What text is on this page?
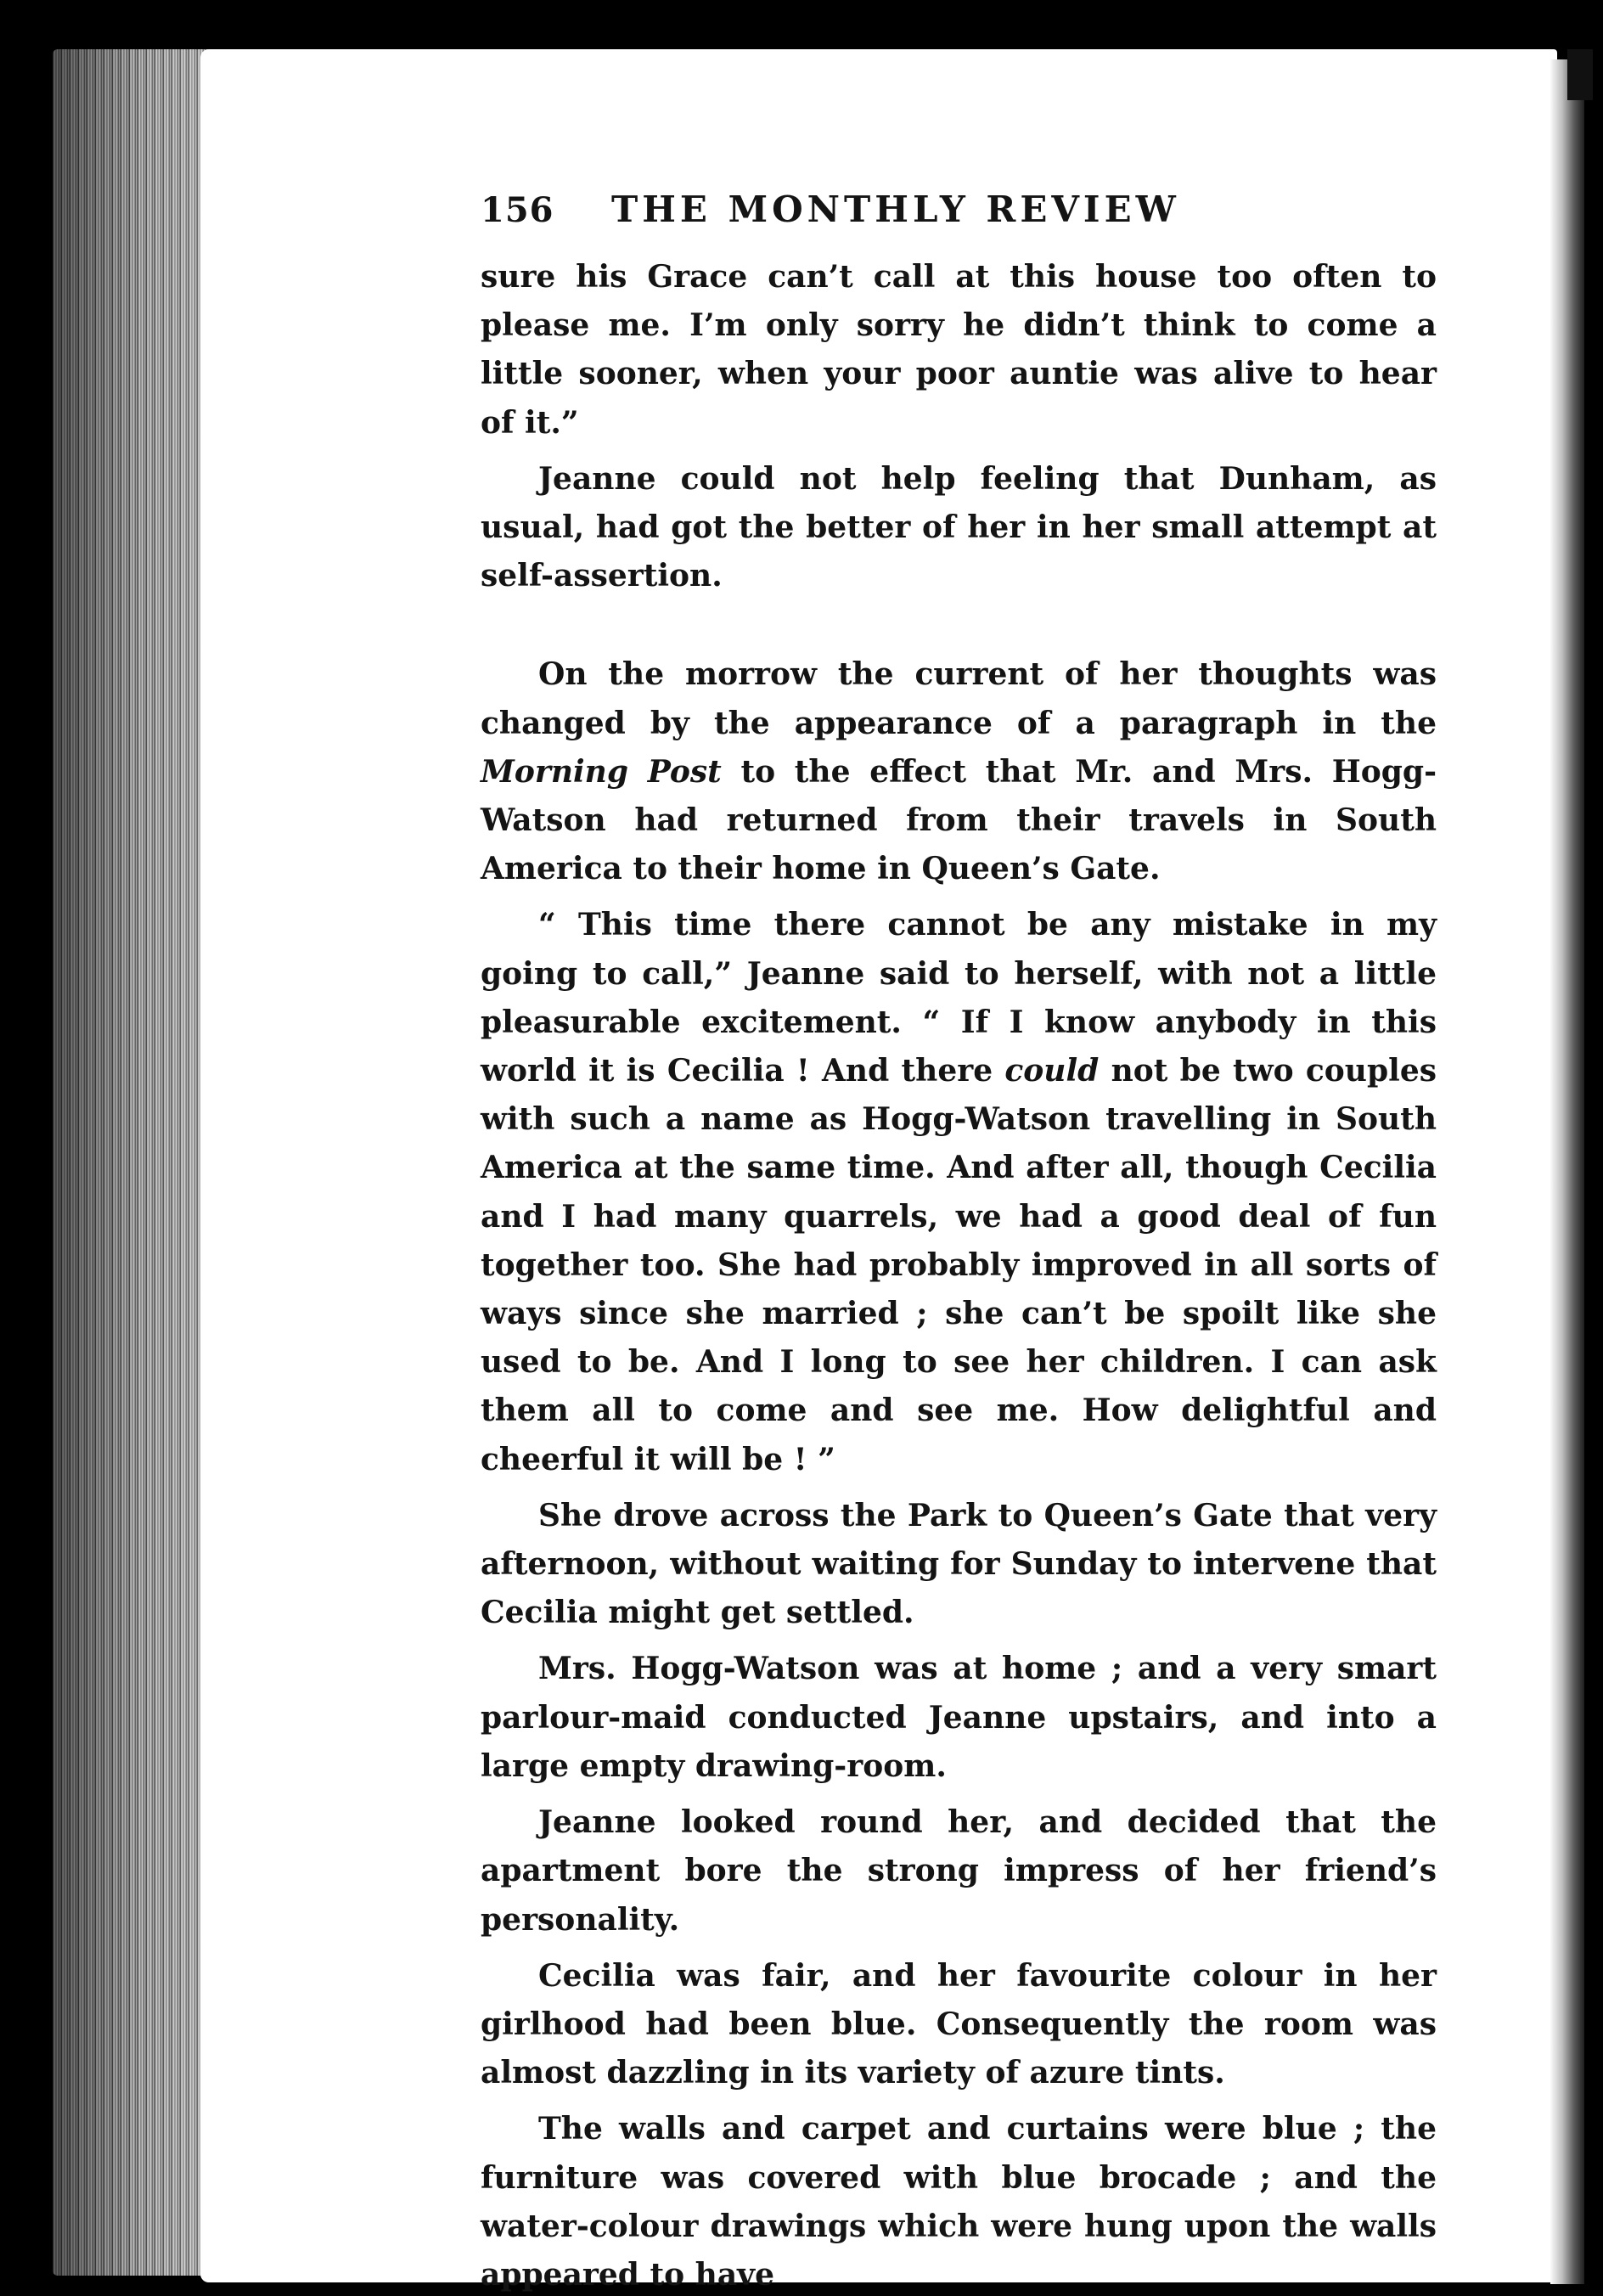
156	THE MONTHLY REVIEW

sure his Grace can’t call at this house too often to please me. I’m only sorry he didn’t think to come a little sooner, when your poor auntie was alive to hear of it.”

Jeanne could not help feeling that Dunham, as usual, had got the better of her in her small attempt at self-assertion.

On the morrow the current of her thoughts was changed by the appearance of a paragraph in the Morning Post to the effect that Mr. and Mrs. Hogg-Watson had returned from their travels in South America to their home in Queen’s Gate.

“ This time there cannot be any mistake in my going to call,” Jeanne said to herself, with not a little pleasurable excitement. “ If I know anybody in this world it is Cecilia ! And there could not be two couples with such a name as Hogg-Watson travelling in South America at the same time. And after all, though Cecilia and I had many quarrels, we had a good deal of fun together too. She had probably improved in all sorts of ways since she married ; she can’t be spoilt like she used to be. And I long to see her children. I can ask them all to come and see me. How delightful and cheerful it will be ! ”

She drove across the Park to Queen’s Gate that very afternoon, without waiting for Sunday to intervene that Cecilia might get settled.

Mrs. Hogg-Watson was at home ; and a very smart parlour-maid conducted Jeanne upstairs, and into a large empty drawing-room.

Jeanne looked round her, and decided that the apartment bore the strong impress of her friend’s personality.

Cecilia was fair, and her favourite colour in her girlhood had been blue. Consequently the room was almost dazzling in its variety of azure tints.

The walls and carpet and curtains were blue ; the furniture was covered with blue brocade ; and the water-colour drawings which were hung upon the walls appeared to have
